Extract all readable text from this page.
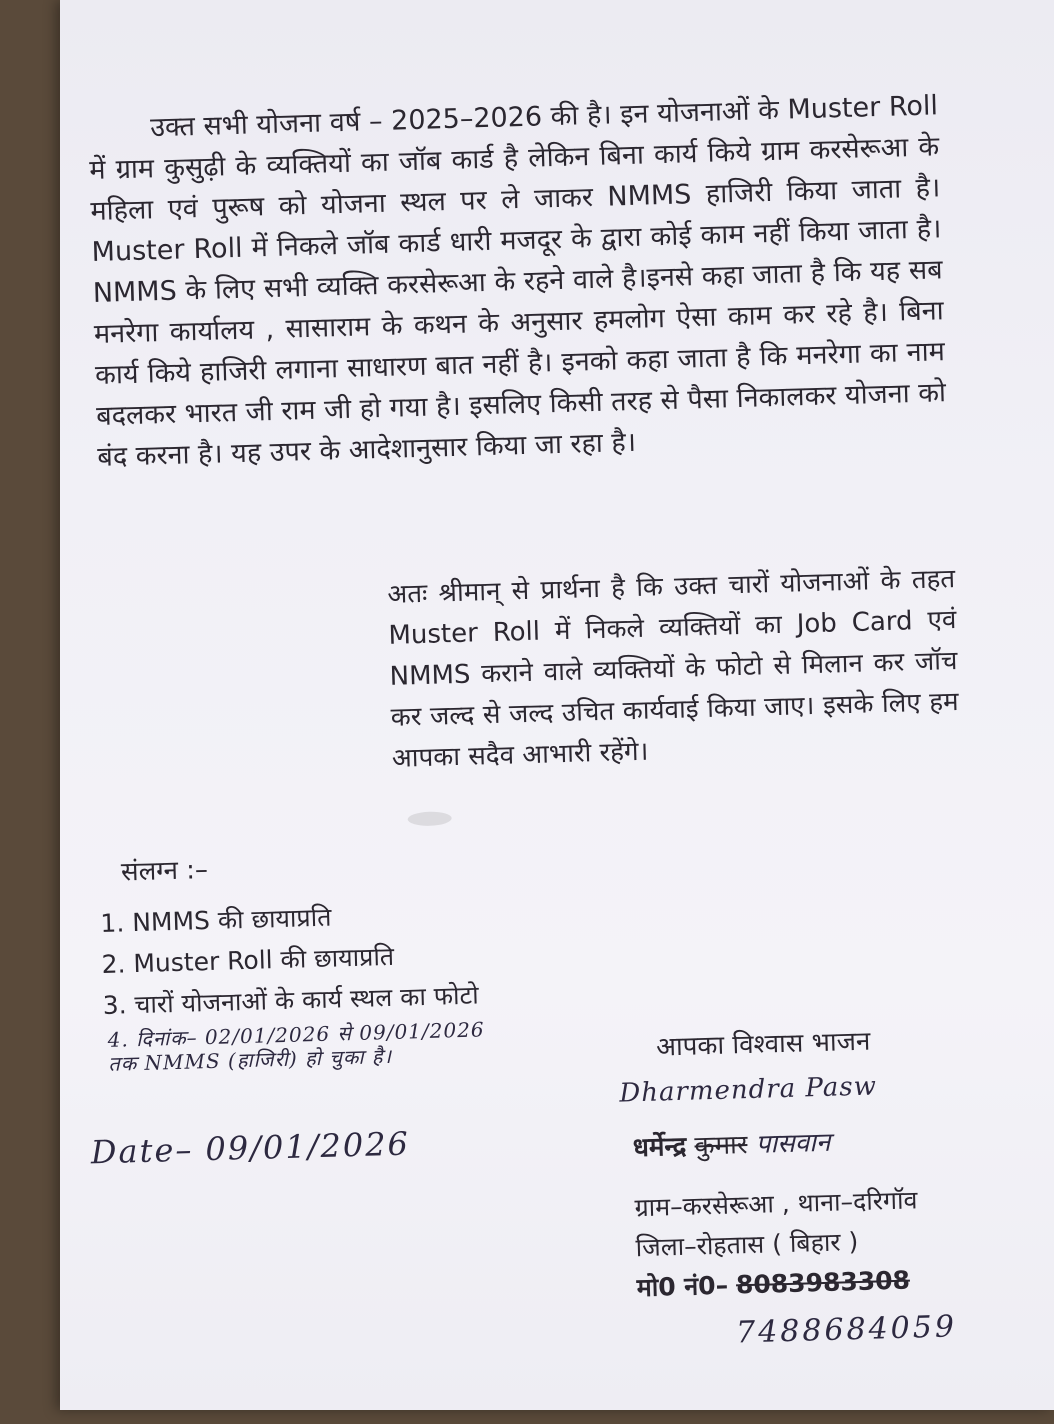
उक्त सभी योजना वर्ष – 2025–2026 की है। इन योजनाओं के Muster Roll में ग्राम कुसुढ़ी के व्यक्तियों का जॉब कार्ड है लेकिन बिना कार्य किये ग्राम करसेरूआ के महिला एवं पुरूष को योजना स्थल पर ले जाकर NMMS हाजिरी किया जाता है। Muster Roll में निकले जॉब कार्ड धारी मजदूर के द्वारा कोई काम नहीं किया जाता है। NMMS के लिए सभी व्यक्ति करसेरूआ के रहने वाले है।इनसे कहा जाता है कि यह सब मनरेगा कार्यालय , सासाराम के कथन के अनुसार हमलोग ऐसा काम कर रहे है। बिना कार्य किये हाजिरी लगाना साधारण बात नहीं है। इनको कहा जाता है कि मनरेगा का नाम बदलकर भारत जी राम जी हो गया है। इसलिए किसी तरह से पैसा निकालकर योजना को बंद करना है। यह उपर के आदेशानुसार किया जा रहा है।

अतः श्रीमान् से प्रार्थना है कि उक्त चारों योजनाओं के तहत Muster Roll में निकले व्यक्तियों का Job Card एवं NMMS कराने वाले व्यक्तियों के फोटो से मिलान कर जॉच कर जल्द से जल्द उचित कार्यवाई किया जाए। इसके लिए हम आपका सदैव आभारी रहेंगे।

संलग्न :–

1. NMMS की छायाप्रति
2. Muster Roll की छायाप्रति
3. चारों योजनाओं के कार्य स्थल का फोटो

4. दिनांक– 02/01/2026 से 09/01/2026
तक NMMS (हाजिरी) हो चुका है।	आपका विश्वास भाजन

Dharmendra Pasw

Date– 09/01/2026	धर्मेन्द्र कुमार पासवान

ग्राम–करसेरूआ , थाना–दरिगॉव
जिला–रोहतास ( बिहार )
मो0 नं0– 8083983308

7488684059
